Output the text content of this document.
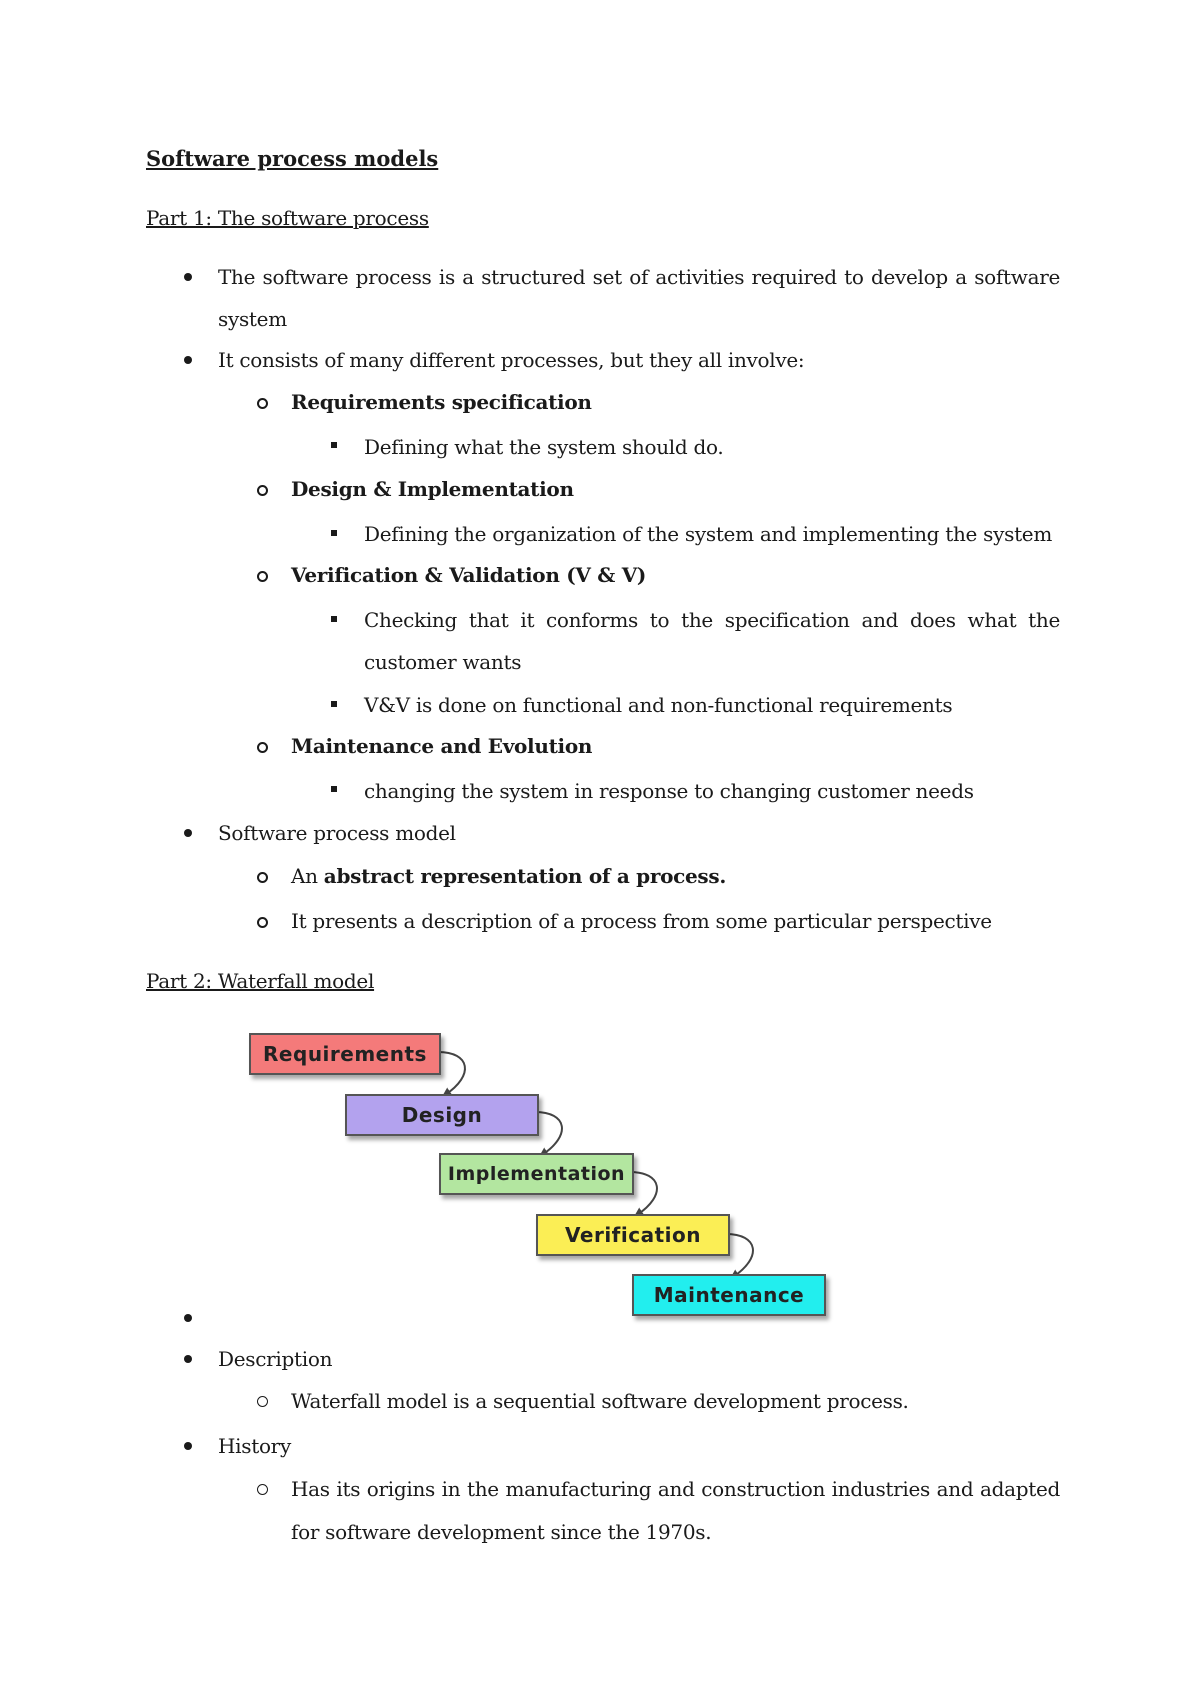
Software process models
Part 1: The software process
The software process is a structured set of activities required to develop a software
system
It consists of many different processes, but they all involve:
Requirements specification
Defining what the system should do.
Design & Implementation
Defining the organization of the system and implementing the system
Verification & Validation (V & V)
Checking that it conforms to the specification and does what the
customer wants
V&V is done on functional and non-functional requirements
Maintenance and Evolution
changing the system in response to changing customer needs
Software process model
An abstract representation of a process.
It presents a description of a process from some particular perspective
Part 2: Waterfall model
Requirements
Design
Implementation
Verification
Maintenance
Description
Waterfall model is a sequential software development process.
History
Has its origins in the manufacturing and construction industries and adapted
for software development since the 1970s.
